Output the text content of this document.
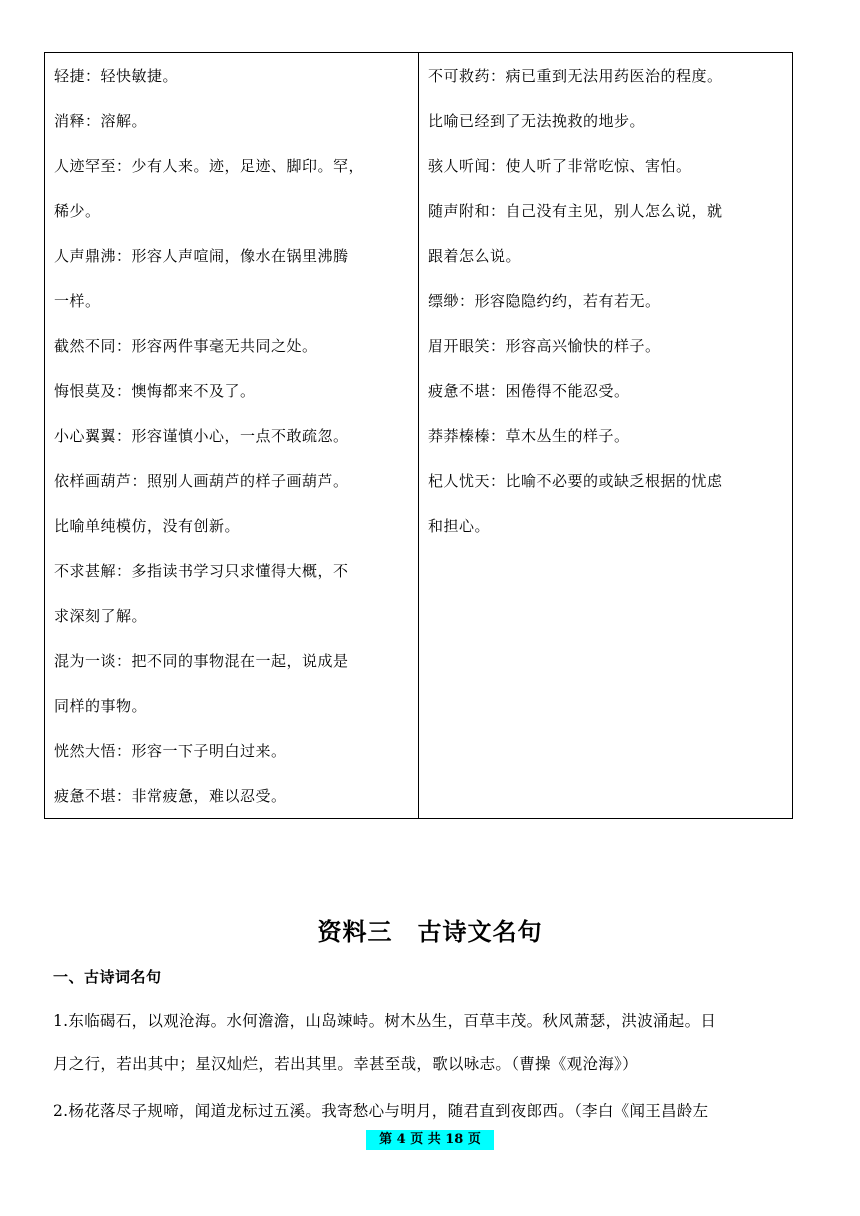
轻捷：轻快敏捷。
消释：溶解。
人迹罕至：少有人来。迹，足迹、脚印。罕，
稀少。
人声鼎沸：形容人声喧闹，像水在锅里沸腾
一样。
截然不同：形容两件事毫无共同之处。
悔恨莫及：懊悔都来不及了。
小心翼翼：形容谨慎小心，一点不敢疏忽。
依样画葫芦：照别人画葫芦的样子画葫芦。
比喻单纯模仿，没有创新。
不求甚解：多指读书学习只求懂得大概，不
求深刻了解。
混为一谈：把不同的事物混在一起，说成是
同样的事物。
恍然大悟：形容一下子明白过来。
疲惫不堪：非常疲惫，难以忍受。
不可救药：病已重到无法用药医治的程度。
比喻已经到了无法挽救的地步。
骇人听闻：使人听了非常吃惊、害怕。
随声附和：自己没有主见，别人怎么说，就
跟着怎么说。
缥缈：形容隐隐约约，若有若无。
眉开眼笑：形容高兴愉快的样子。
疲惫不堪：困倦得不能忍受。
莽莽榛榛：草木丛生的样子。
杞人忧天：比喻不必要的或缺乏根据的忧虑
和担心。
资料三　古诗文名句
一、古诗词名句
1.东临碣石，以观沧海。水何澹澹，山岛竦峙。树木丛生，百草丰茂。秋风萧瑟，洪波涌起。日
月之行，若出其中；星汉灿烂，若出其里。幸甚至哉，歌以咏志。（曹操《观沧海》）
2.杨花落尽子规啼，闻道龙标过五溪。我寄愁心与明月，随君直到夜郎西。（李白《闻王昌龄左
第 4 页 共 18 页
